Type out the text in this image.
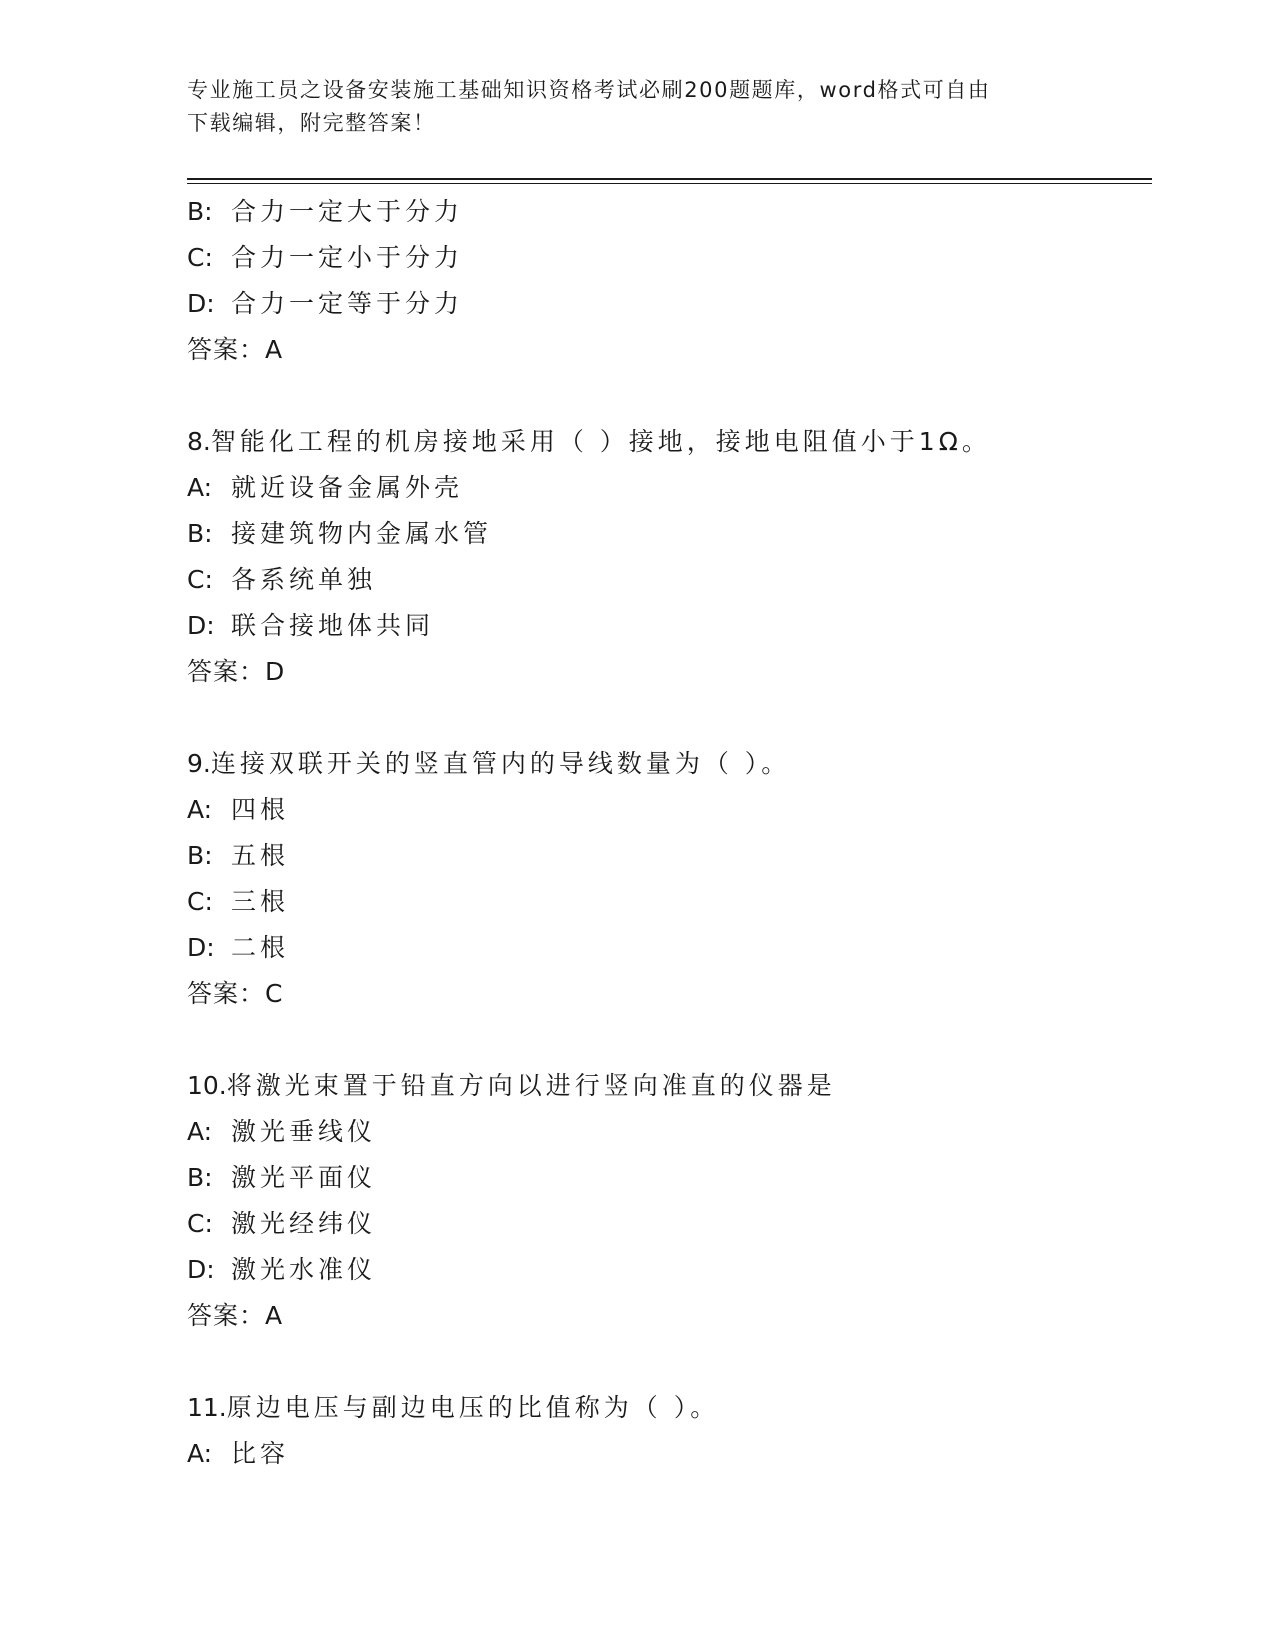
专业施工员之设备安装施工基础知识资格考试必刷200题题库，word格式可自由
下载编辑，附完整答案！
B: 合力一定大于分力
C: 合力一定小于分力
D: 合力一定等于分力
答案：A
8.智能化工程的机房接地采用（ ）接地，接地电阻值小于1Ω。
A: 就近设备金属外壳
B: 接建筑物内金属水管
C: 各系统单独
D: 联合接地体共同
答案：D
9.连接双联开关的竖直管内的导线数量为（ ）。
A: 四根
B: 五根
C: 三根
D: 二根
答案：C
10.将激光束置于铅直方向以进行竖向准直的仪器是
A: 激光垂线仪
B: 激光平面仪
C: 激光经纬仪
D: 激光水准仪
答案：A
11.原边电压与副边电压的比值称为（ ）。
A: 比容
